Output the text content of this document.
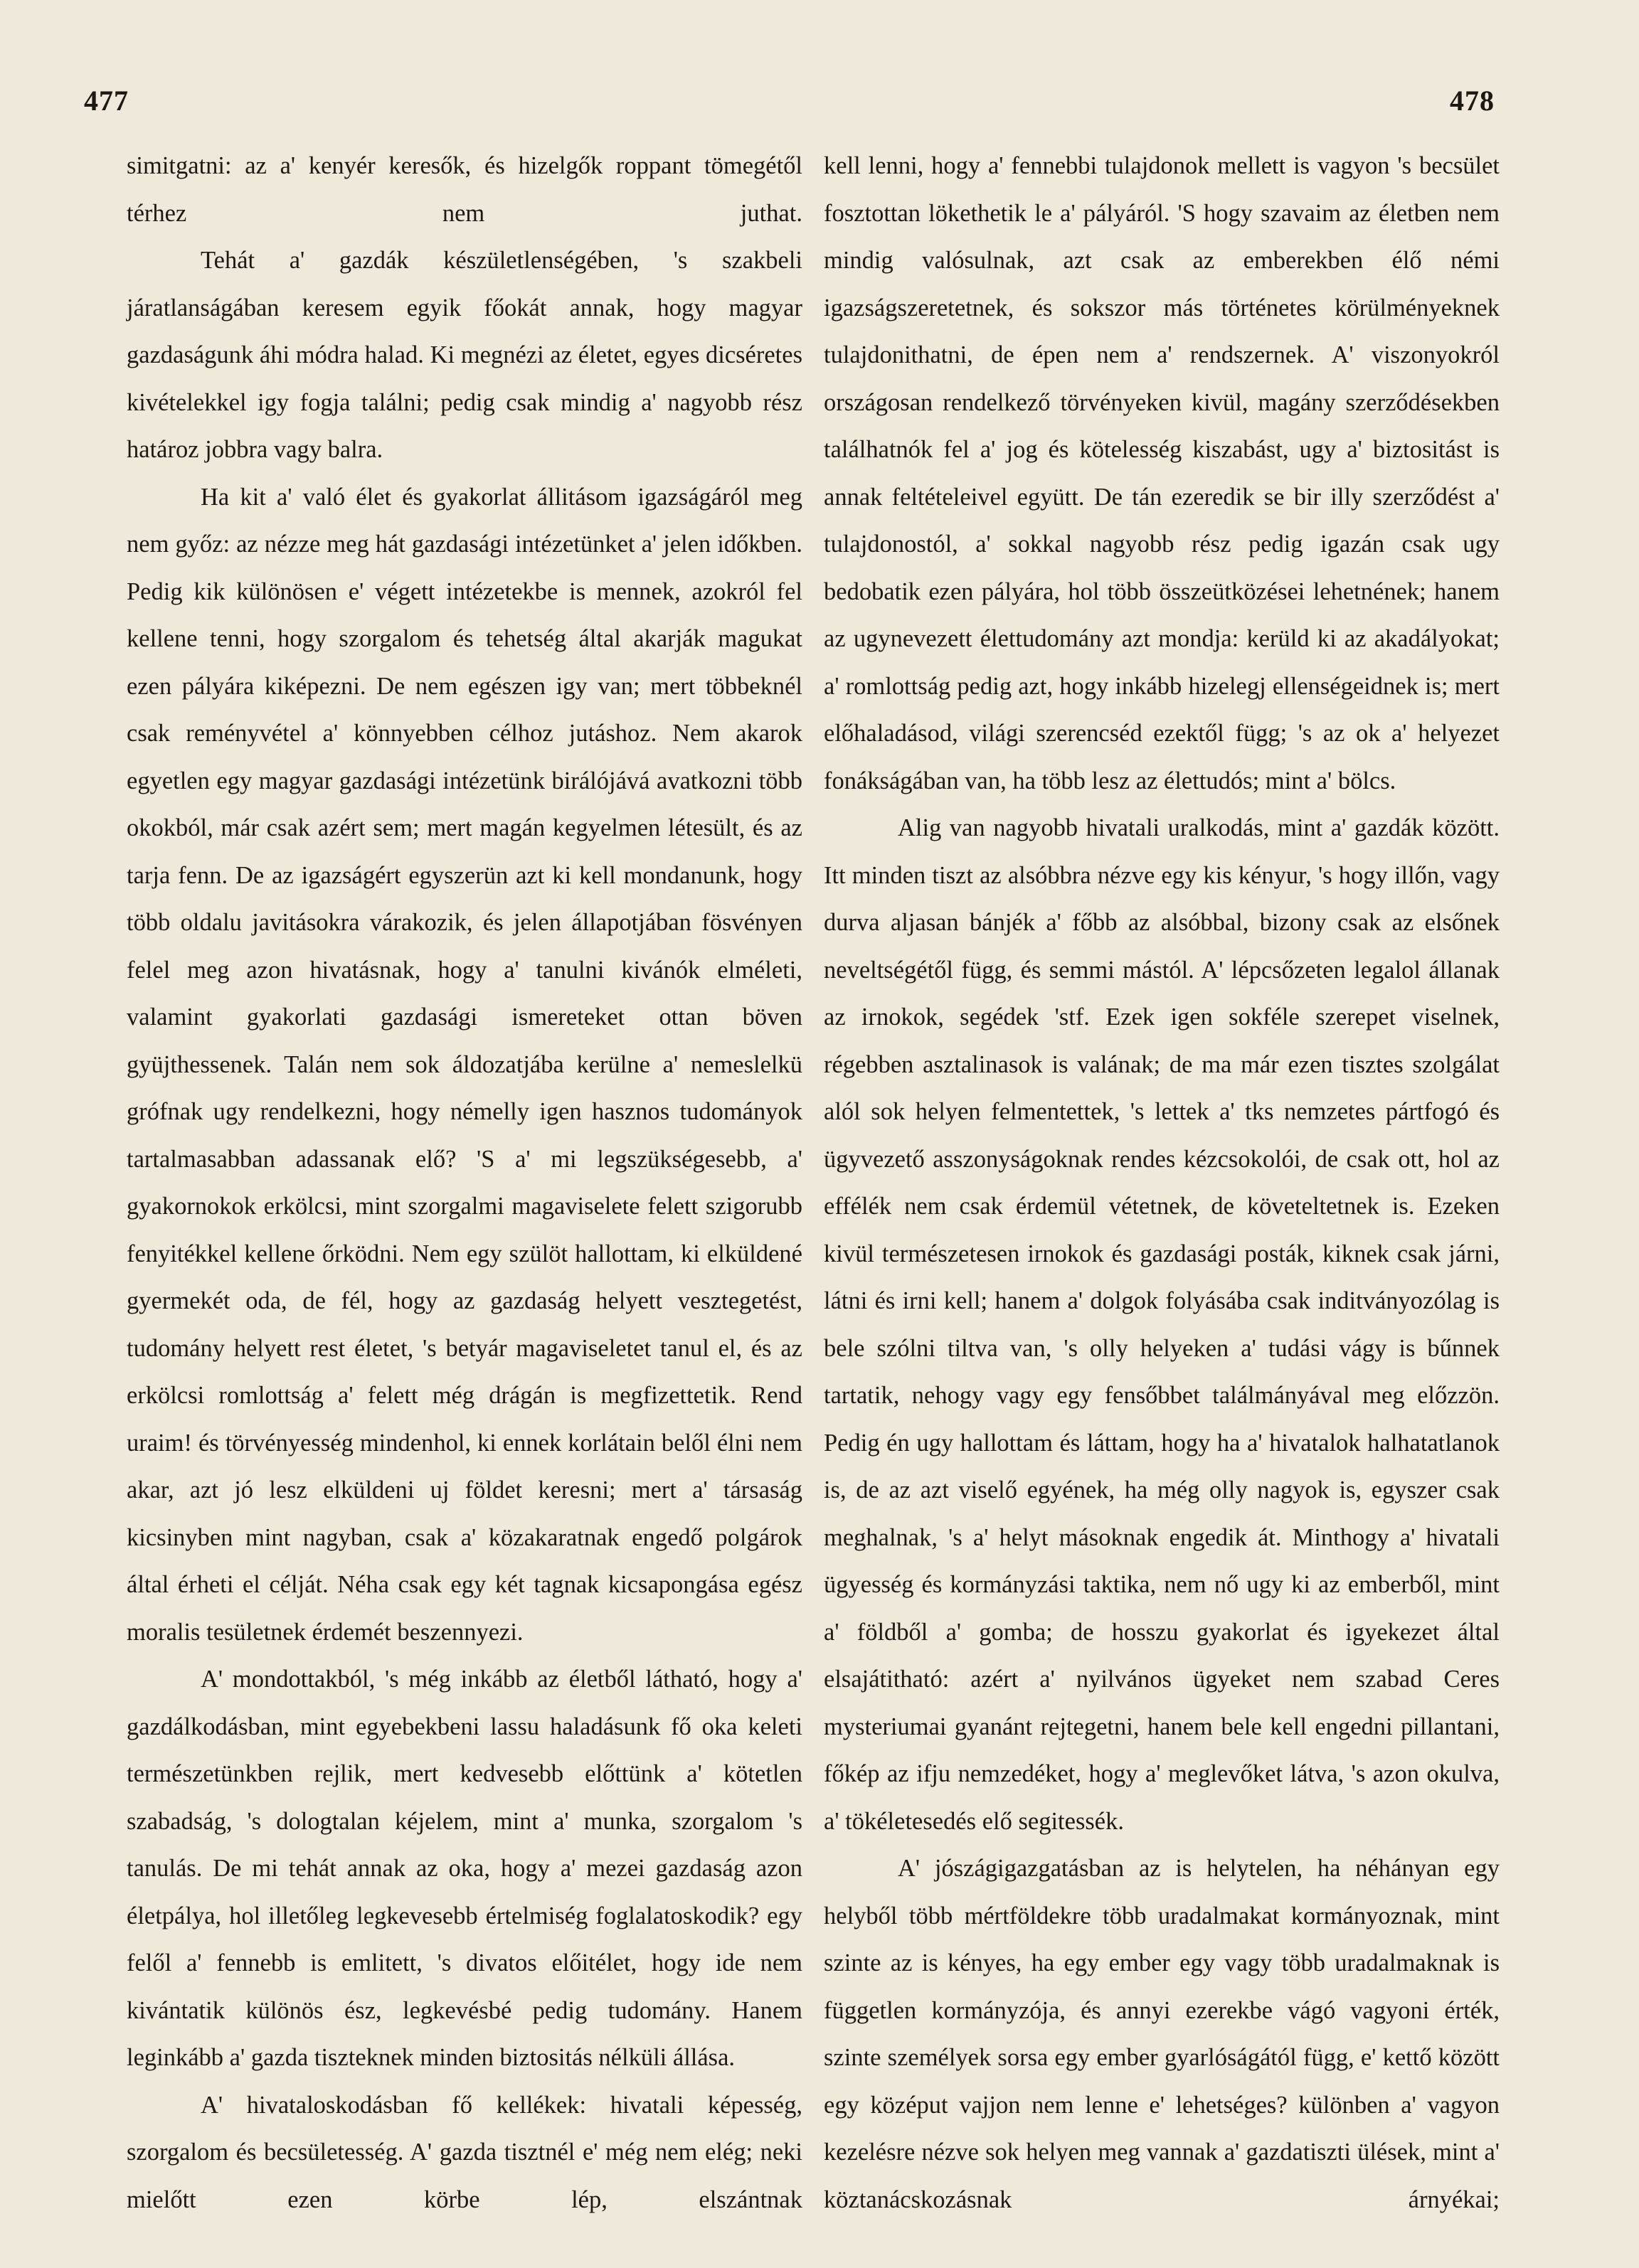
477	478

simitgatni: az a' kenyér keresők, és hizelgők roppant tömegétől térhez nem juthat.

Tehát a' gazdák készületlenségében, 's szakbeli járatlanságában keresem egyik főokát annak, hogy magyar gazdaságunk áhi módra halad. Ki megnézi az életet, egyes dicséretes kivételekkel igy fogja találni; pedig csak mindig a' nagyobb rész határoz jobbra vagy balra.

Ha kit a' való élet és gyakorlat állitásom igazságáról meg nem győz: az nézze meg hát gazdasági intézetünket a' jelen időkben. Pedig kik különösen e' végett intézetekbe is mennek, azokról fel kellene tenni, hogy szorgalom és tehetség által akarják magukat ezen pályára kiképezni. De nem egészen igy van; mert többeknél csak reményvétel a' könnyebben célhoz jutáshoz. Nem akarok egyetlen egy magyar gazdasági intézetünk birálójává avatkozni több okokból, már csak azért sem; mert magán kegyelmen létesült, és az tarja fenn. De az igazságért egyszerün azt ki kell mondanunk, hogy több oldalu javitásokra várakozik, és jelen állapotjában fösvényen felel meg azon hivatásnak, hogy a' tanulni kivánók elméleti, valamint gyakorlati gazdasági ismereteket ottan böven gyüjthessenek. Talán nem sok áldozatjába kerülne a' nemeslelkü grófnak ugy rendelkezni, hogy némelly igen hasznos tudományok tartalmasabban adassanak elő? 'S a' mi legszükségesebb, a' gyakornokok erkölcsi, mint szorgalmi magaviselete felett szigorubb fenyitékkel kellene őrködni. Nem egy szülöt hallottam, ki elküldené gyermekét oda, de fél, hogy az gazdaság helyett vesztegetést, tudomány helyett rest életet, 's betyár magaviseletet tanul el, és az erkölcsi romlottság a' felett még drágán is megfizettetik. Rend uraim! és törvényesség mindenhol, ki ennek korlátain belől élni nem akar, azt jó lesz elküldeni uj földet keresni; mert a' társaság kicsinyben mint nagyban, csak a' közakaratnak engedő polgárok által érheti el célját. Néha csak egy két tagnak kicsapongása egész moralis tesületnek érdemét beszennyezi.

A' mondottakból, 's még inkább az életből látható, hogy a' gazdálkodásban, mint egyebekbeni lassu haladásunk fő oka keleti természetünkben rejlik, mert kedvesebb előttünk a' kötetlen szabadság, 's dologtalan kéjelem, mint a' munka, szorgalom 's tanulás. De mi tehát annak az oka, hogy a' mezei gazdaság azon életpálya, hol illetőleg legkevesebb értelmiség foglalatoskodik? egy felől a' fennebb is emlitett, 's divatos előitélet, hogy ide nem kivántatik különös ész, legkevésbé pedig tudomány. Hanem leginkább a' gazda tiszteknek minden biztositás nélküli állása.

A' hivataloskodásban fő kellékek: hivatali képesség, szorgalom és becsületesség. A' gazda tisztnél e' még nem elég; neki mielőtt ezen körbe lép, elszántnak

kell lenni, hogy a' fennebbi tulajdonok mellett is vagyon 's becsület fosztottan lökethetik le a' pályáról. 'S hogy szavaim az életben nem mindig valósulnak, azt csak az emberekben élő némi igazságszeretetnek, és sokszor más történetes körülményeknek tulajdonithatni, de épen nem a' rendszernek. A' viszonyokról országosan rendelkező törvényeken kivül, magány szerződésekben találhatnók fel a' jog és kötelesség kiszabást, ugy a' biztositást is annak feltételeivel együtt. De tán ezeredik se bir illy szerződést a' tulajdonostól, a' sokkal nagyobb rész pedig igazán csak ugy bedobatik ezen pályára, hol több összeütközései lehetnének; hanem az ugynevezett élettudomány azt mondja: kerüld ki az akadályokat; a' romlottság pedig azt, hogy inkább hizelegj ellenségeidnek is; mert előhaladásod, világi szerencséd ezektől függ; 's az ok a' helyezet fonákságában van, ha több lesz az élettudós; mint a' bölcs.

Alig van nagyobb hivatali uralkodás, mint a' gazdák között. Itt minden tiszt az alsóbbra nézve egy kis kényur, 's hogy illőn, vagy durva aljasan bánjék a' főbb az alsóbbal, bizony csak az elsőnek neveltségétől függ, és semmi mástól. A' lépcsőzeten legalol állanak az irnokok, segédek 'stf. Ezek igen sokféle szerepet viselnek, régebben asztalinasok is valának; de ma már ezen tisztes szolgálat alól sok helyen felmentettek, 's lettek a' tks nemzetes pártfogó és ügyvezető asszonyságoknak rendes kézcsokolói, de csak ott, hol az effélék nem csak érdemül vétetnek, de követeltetnek is. Ezeken kivül természetesen irnokok és gazdasági posták, kiknek csak járni, látni és irni kell; hanem a' dolgok folyásába csak inditványozólag is bele szólni tiltva van, 's olly helyeken a' tudási vágy is bűnnek tartatik, nehogy vagy egy fensőbbet találmányával meg előzzön. Pedig én ugy hallottam és láttam, hogy ha a' hivatalok halhatatlanok is, de az azt viselő egyének, ha még olly nagyok is, egyszer csak meghalnak, 's a' helyt másoknak engedik át. Minthogy a' hivatali ügyesség és kormányzási taktika, nem nő ugy ki az emberből, mint a' földből a' gomba; de hosszu gyakorlat és igyekezet által elsajátitható: azért a' nyilvános ügyeket nem szabad Ceres mysteriumai gyanánt rejtegetni, hanem bele kell engedni pillantani, főkép az ifju nemzedéket, hogy a' meglevőket látva, 's azon okulva, a' tökéletesedés elő segitessék.

A' jószágigazgatásban az is helytelen, ha néhányan egy helyből több mértföldekre több uradalmakat kormányoznak, mint szinte az is kényes, ha egy ember egy vagy több uradalmaknak is független kormányzója, és annyi ezerekbe vágó vagyoni érték, szinte személyek sorsa egy ember gyarlóságától függ, e' kettő között egy középut vajjon nem lenne e' lehetséges? különben a' vagyon kezelésre nézve sok helyen meg vannak a' gazdatiszti ülések, mint a' köztanácskozásnak árnyékai;
